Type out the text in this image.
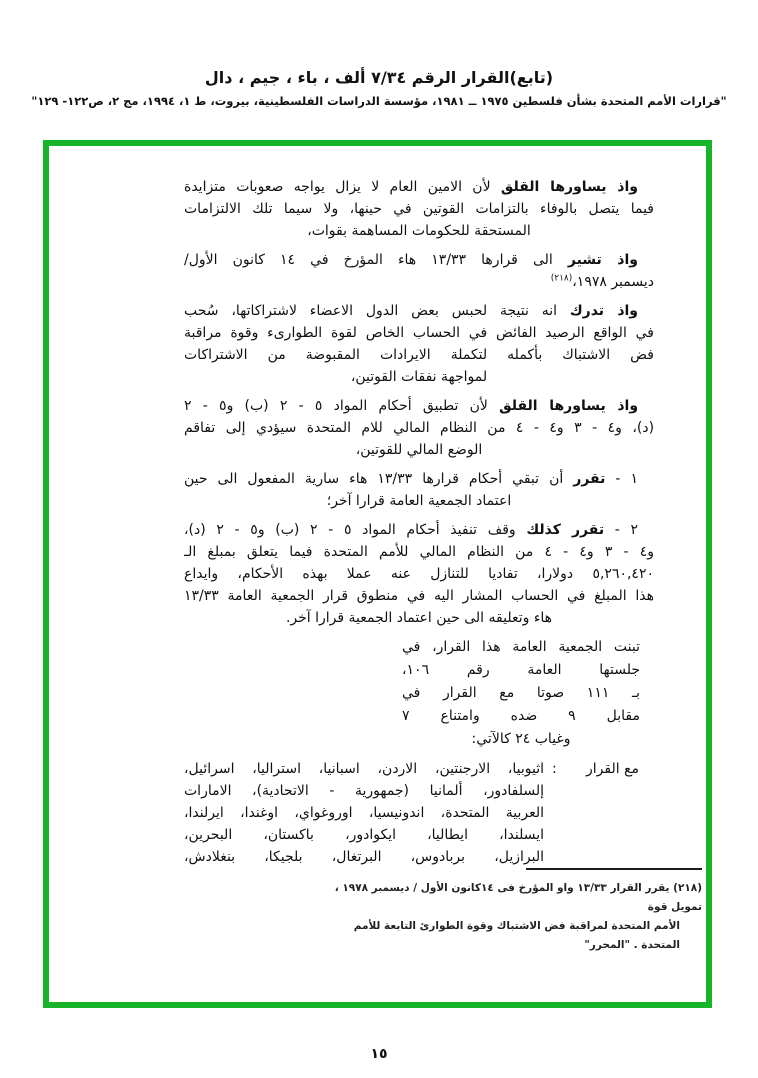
(تابع)القرار الرقم ٧/٣٤ ألف ، باء ، جيم ، دال
"قرارات الأمم المتحدة بشأن فلسطين ١٩٧٥ ــ ١٩٨١، مؤسسة الدراسات الفلسطينية، بيروت، ط ١، ١٩٩٤، مج ٢، ص١٢٢- ١٢٩"
واذ يساورها القلق لأن الامين العام لا يزال يواجه صعوبات متزايدة
فيما يتصل بالوفاء بالتزامات القوتين في حينها، ولا سيما تلك الالتزامات
المستحقة للحكومات المساهمة بقوات،
واذ تشير الى قرارها ١٣/٣٣ هاء المؤرخ في ١٤ كانون الأول/
ديسمبر ١٩٧٨،$^{(٢١٨)}$
واذ تدرك انه نتيجة لحبس بعض الدول الاعضاء لاشتراكاتها، سُحب
في الواقع الرصيد الفائض في الحساب الخاص لقوة الطوارىء وقوة مراقبة
فض الاشتباك بأكمله لتكملة الايرادات المقبوضة من الاشتراكات
لمواجهة نفقات القوتين،
واذ يساورها القلق لأن تطبيق أحكام المواد ٥ - ٢ (ب) و٥ - ٢
(د)، و٤ - ٣ و٤ - ٤ من النظام المالي للام المتحدة سيؤدي إلى تفاقم
الوضع المالي للقوتين،
١ - تقرر أن تبقي أحكام قرارها ١٣/٣٣ هاء سارية المفعول الى حين
اعتماد الجمعية العامة قرارا آخر؛
٢ - تقرر كذلك وقف تنفيذ أحكام المواد ٥ - ٢ (ب) و٥ - ٢ (د)،
و٤ - ٣ و٤ - ٤ من النظام المالي للأمم المتحدة فيما يتعلق بمبلغ الـ
٥,٢٦٠,٤٢٠ دولارا، تفاديا للتنازل عنه عملا بهذه الأحكام، وايداع
هذا المبلغ في الحساب المشار اليه في منطوق قرار الجمعية العامة ١٣/٣٣
هاء وتعليقه الى حين اعتماد الجمعية قرارا آخر.
تبنت الجمعية العامة هذا القرار، في
جلستها العامة رقم ١٠٦،
بـ ١١١ صوتا مع القرار في
مقابل ٩ ضده وامتناع ٧
وغياب ٢٤ كالآتي:
مع القرار
:
اثيوبيا، الارجنتين، الاردن، اسبانيا، استراليا، اسرائيل،
إلسلفادور، ألمانيا (جمهورية - الاتحادية)، الامارات
العربية المتحدة، اندونيسيا، اوروغواي، اوغندا، ايرلندا،
ايسلندا، ايطاليا، ايكوادور، باكستان، البحرين،
البرازيل، بربادوس، البرتغال، بلجيكا، بنغلادش،
(٢١٨) يقرر القرار ١٣/٣٣ واو المؤرخ فى ١٤كانون الأول / ديسمبر ١٩٧٨ ، تمويل قوة
الأمم المتحدة لمراقبة فض الاشتباك وقوة الطوارئ التابعة للأمم المتحدة . "المحرر"
١٥
